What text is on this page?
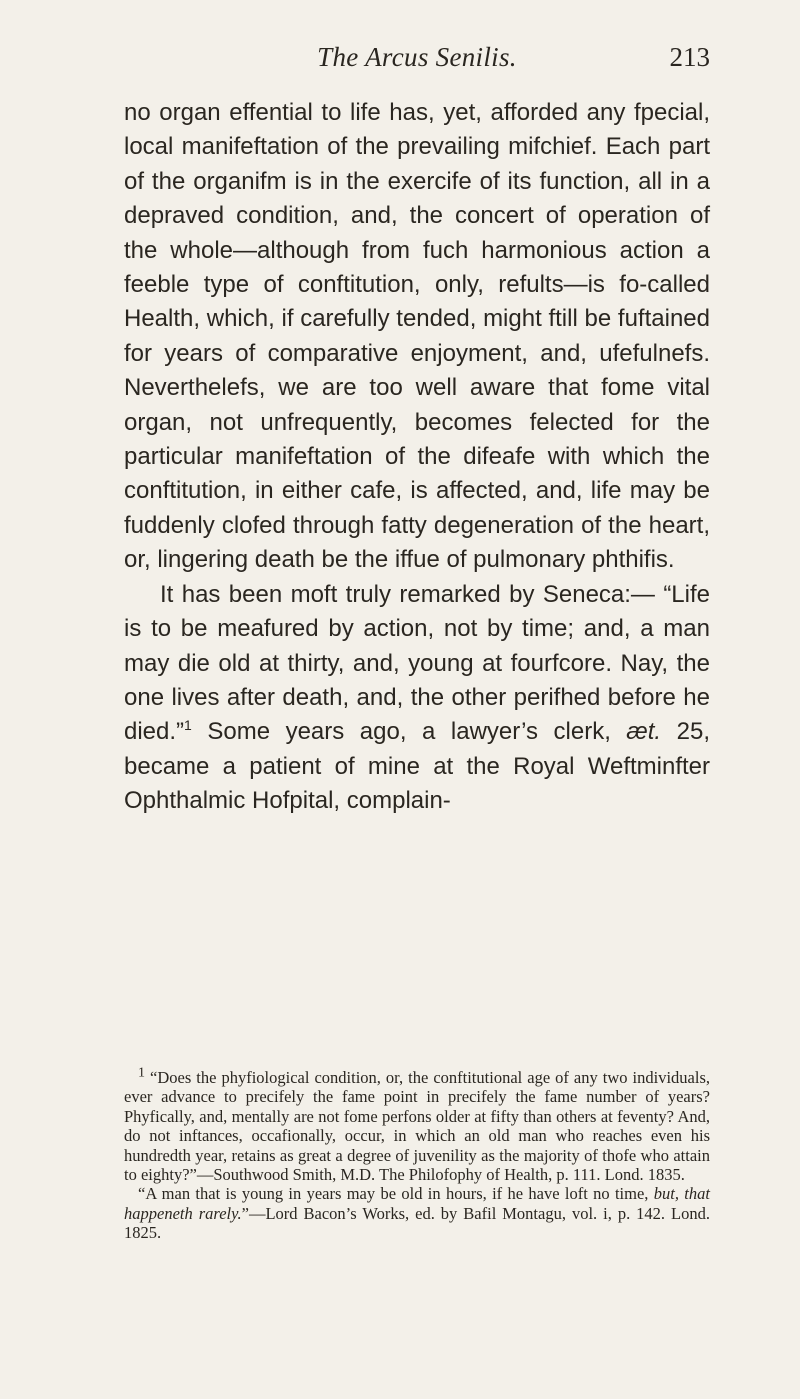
The Arcus Senilis.	213

no organ effential to life has, yet, afforded any fpecial, local manifeftation of the prevailing mifchief. Each part of the organifm is in the exercife of its function, all in a depraved condition, and, the concert of operation of the whole—although from fuch harmonious action a feeble type of conftitution, only, refults—is fo-called Health, which, if carefully tended, might ftill be fuftained for years of comparative enjoyment, and, ufefulnefs. Neverthelefs, we are too well aware that fome vital organ, not unfrequently, becomes felected for the particular manifeftation of the difeafe with which the conftitution, in either cafe, is affected, and, life may be fuddenly clofed through fatty degeneration of the heart, or, lingering death be the iffue of pulmonary phthifis.

It has been moft truly remarked by Seneca:— “Life is to be meafured by action, not by time; and, a man may die old at thirty, and, young at fourfcore. Nay, the one lives after death, and, the other perifhed before he died.”$^1$ Some years ago, a lawyer’s clerk, æt. 25, became a patient of mine at the Royal Weftminfter Ophthalmic Hofpital, complain-

$^1$ “Does the phyfiological condition, or, the conftitutional age of any two individuals, ever advance to precifely the fame point in precifely the fame number of years? Phyfically, and, mentally are not fome perfons older at fifty than others at feventy? And, do not inftances, occafionally, occur, in which an old man who reaches even his hundredth year, retains as great a degree of juvenility as the majority of thofe who attain to eighty?”—Southwood Smith, M.D. The Philofophy of Health, p. 111. Lond. 1835.

“A man that is young in years may be old in hours, if he have loft no time, but, that happeneth rarely.”—Lord Bacon’s Works, ed. by Bafil Montagu, vol. i, p. 142. Lond. 1825.
